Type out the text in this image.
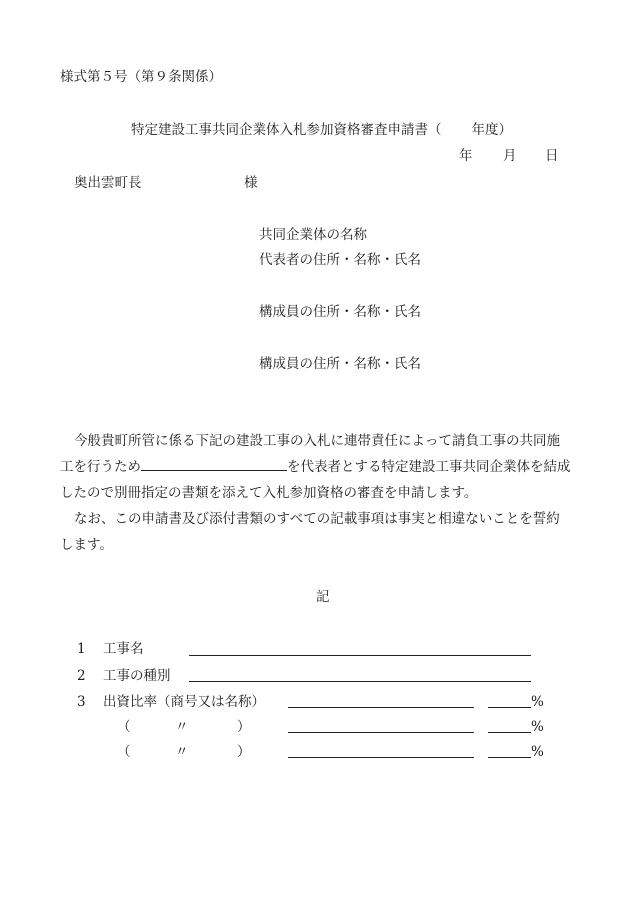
様式第５号（第９条関係）
特定建設工事共同企業体入札参加資格審査申請書（ 年度）
年 月 日
奥出雲町長	様
共同企業体の名称
代表者の住所・名称・氏名
構成員の住所・名称・氏名
構成員の住所・名称・氏名
今般貴町所管に係る下記の建設工事の入札に連帯責任によって請負工事の共同施
工を行うため	を代表者とする特定建設工事共同企業体を結成
したので別冊指定の書類を添えて入札参加資格の審査を申請します。
なお、この申請書及び添付書類のすべての記載事項は事実と相違ないことを誓約
します。
記
1 工事名
2 工事の種別
3 出資比率（商号又は名称）	%
（	〃	）	%
（	〃	）	%
